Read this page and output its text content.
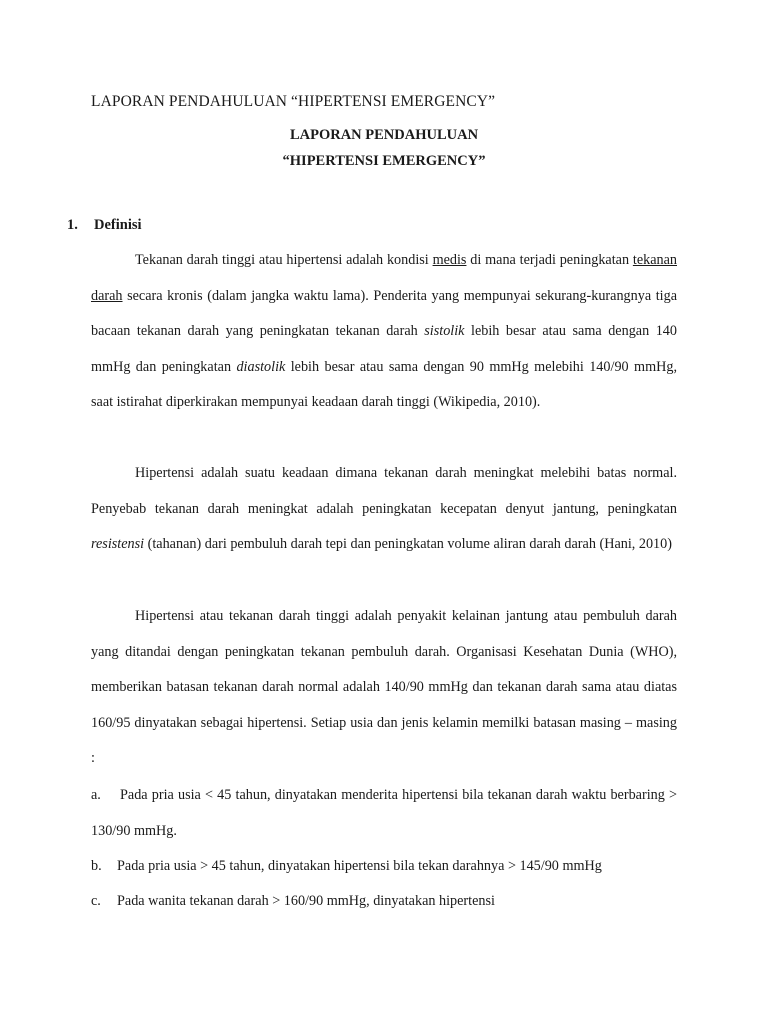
LAPORAN PENDAHULUAN “HIPERTENSI EMERGENCY”
LAPORAN PENDAHULUAN
“HIPERTENSI EMERGENCY”
1. Definisi

Tekanan darah tinggi atau hipertensi adalah kondisi medis di mana terjadi peningkatan tekanan darah secara kronis (dalam jangka waktu lama). Penderita yang mempunyai sekurang-kurangnya tiga bacaan tekanan darah yang peningkatan tekanan darah sistolik lebih besar atau sama dengan 140 mmHg dan peningkatan diastolik lebih besar atau sama dengan 90 mmHg melebihi 140/90 mmHg, saat istirahat diperkirakan mempunyai keadaan darah tinggi (Wikipedia, 2010).

Hipertensi adalah suatu keadaan dimana tekanan darah meningkat melebihi batas normal. Penyebab tekanan darah meningkat adalah peningkatan kecepatan denyut jantung, peningkatan resistensi (tahanan) dari pembuluh darah tepi dan peningkatan volume aliran darah darah (Hani, 2010)

Hipertensi atau tekanan darah tinggi adalah penyakit kelainan jantung atau pembuluh darah yang ditandai dengan peningkatan tekanan pembuluh darah. Organisasi Kesehatan Dunia (WHO), memberikan batasan tekanan darah normal adalah 140/90 mmHg dan tekanan darah sama atau diatas 160/95 dinyatakan sebagai hipertensi. Setiap usia dan jenis kelamin memilki batasan masing – masing :

a. Pada pria usia < 45 tahun, dinyatakan menderita hipertensi bila tekanan darah waktu berbaring > 130/90 mmHg.

b. Pada pria usia > 45 tahun, dinyatakan hipertensi bila tekan darahnya > 145/90 mmHg

c. Pada wanita tekanan darah > 160/90 mmHg, dinyatakan hipertensi
